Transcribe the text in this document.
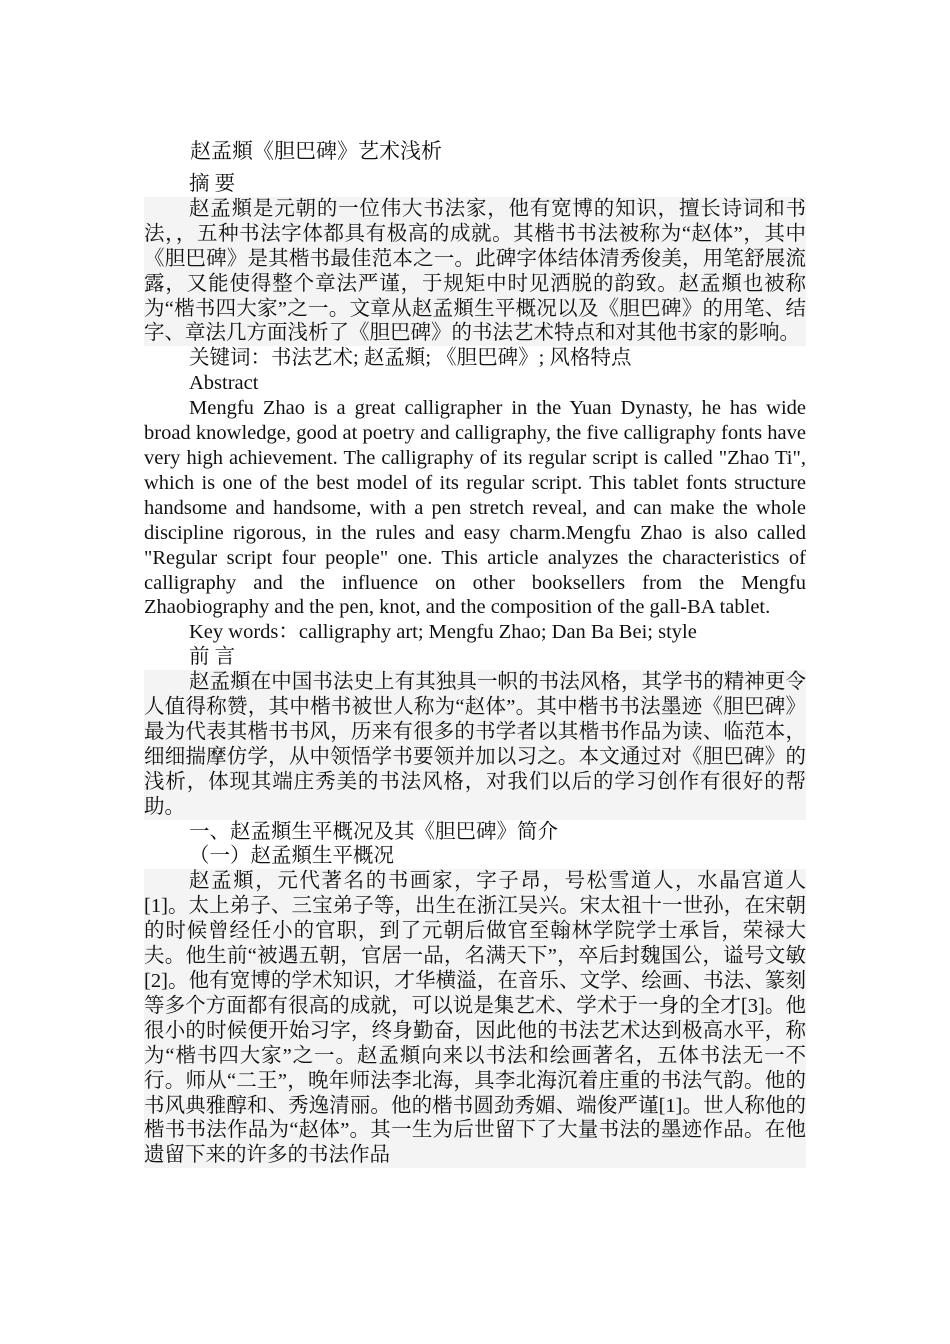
赵孟頫《胆巴碑》艺术浅析

摘 要

赵孟頫是元朝的一位伟大书法家，他有宽博的知识，擅长诗词和书法，，五种书法字体都具有极高的成就。其楷书书法被称为“赵体”，其中《胆巴碑》是其楷书最佳范本之一。此碑字体结体清秀俊美，用笔舒展流露，又能使得整个章法严谨，于规矩中时见洒脱的韵致。赵孟頫也被称为“楷书四大家”之一。文章从赵孟頫生平概况以及《胆巴碑》的用笔、结字、章法几方面浅析了《胆巴碑》的书法艺术特点和对其他书家的影响。

关键词：书法艺术; 赵孟頫; 《胆巴碑》; 风格特点

Abstract

Mengfu Zhao is a great calligrapher in the Yuan Dynasty, he has wide broad knowledge, good at poetry and calligraphy, the five calligraphy fonts have very high achievement. The calligraphy of its regular script is called "Zhao Ti", which is one of the best model of its regular script. This tablet fonts structure handsome and handsome, with a pen stretch reveal, and can make the whole discipline rigorous, in the rules and easy charm.Mengfu Zhao is also called "Regular script four people" one. This article analyzes the characteristics of calligraphy and the influence on other booksellers from the Mengfu Zhaobiography and the pen, knot, and the composition of the gall-BA tablet.

Key words：calligraphy art; Mengfu Zhao; Dan Ba Bei; style

前 言

赵孟頫在中国书法史上有其独具一帜的书法风格，其学书的精神更令人值得称赞，其中楷书被世人称为“赵体”。其中楷书书法墨迹《胆巴碑》最为代表其楷书书风，历来有很多的书学者以其楷书作品为读、临范本，细细揣摩仿学，从中领悟学书要领并加以习之。本文通过对《胆巴碑》的浅析，体现其端庄秀美的书法风格，对我们以后的学习创作有很好的帮助。

一、赵孟頫生平概况及其《胆巴碑》简介

（一）赵孟頫生平概况

赵孟頫，元代著名的书画家，字子昂，号松雪道人，水晶宫道人[1]。太上弟子、三宝弟子等，出生在浙江吴兴。宋太祖十一世孙，在宋朝的时候曾经任小的官职，到了元朝后做官至翰林学院学士承旨，荣禄大夫。他生前“被遇五朝，官居一品，名满天下”，卒后封魏国公，谥号文敏[2]。他有宽博的学术知识，才华横溢，在音乐、文学、绘画、书法、篆刻等多个方面都有很高的成就，可以说是集艺术、学术于一身的全才[3]。他很小的时候便开始习字，终身勤奋，因此他的书法艺术达到极高水平，称为“楷书四大家”之一。赵孟頫向来以书法和绘画著名，五体书法无一不行。师从“二王”，晚年师法李北海，具李北海沉着庄重的书法气韵。他的书风典雅醇和、秀逸清丽。他的楷书圆劲秀媚、端俊严谨[1]。世人称他的楷书书法作品为“赵体”。其一生为后世留下了大量书法的墨迹作品。在他遗留下来的许多的书法作品
